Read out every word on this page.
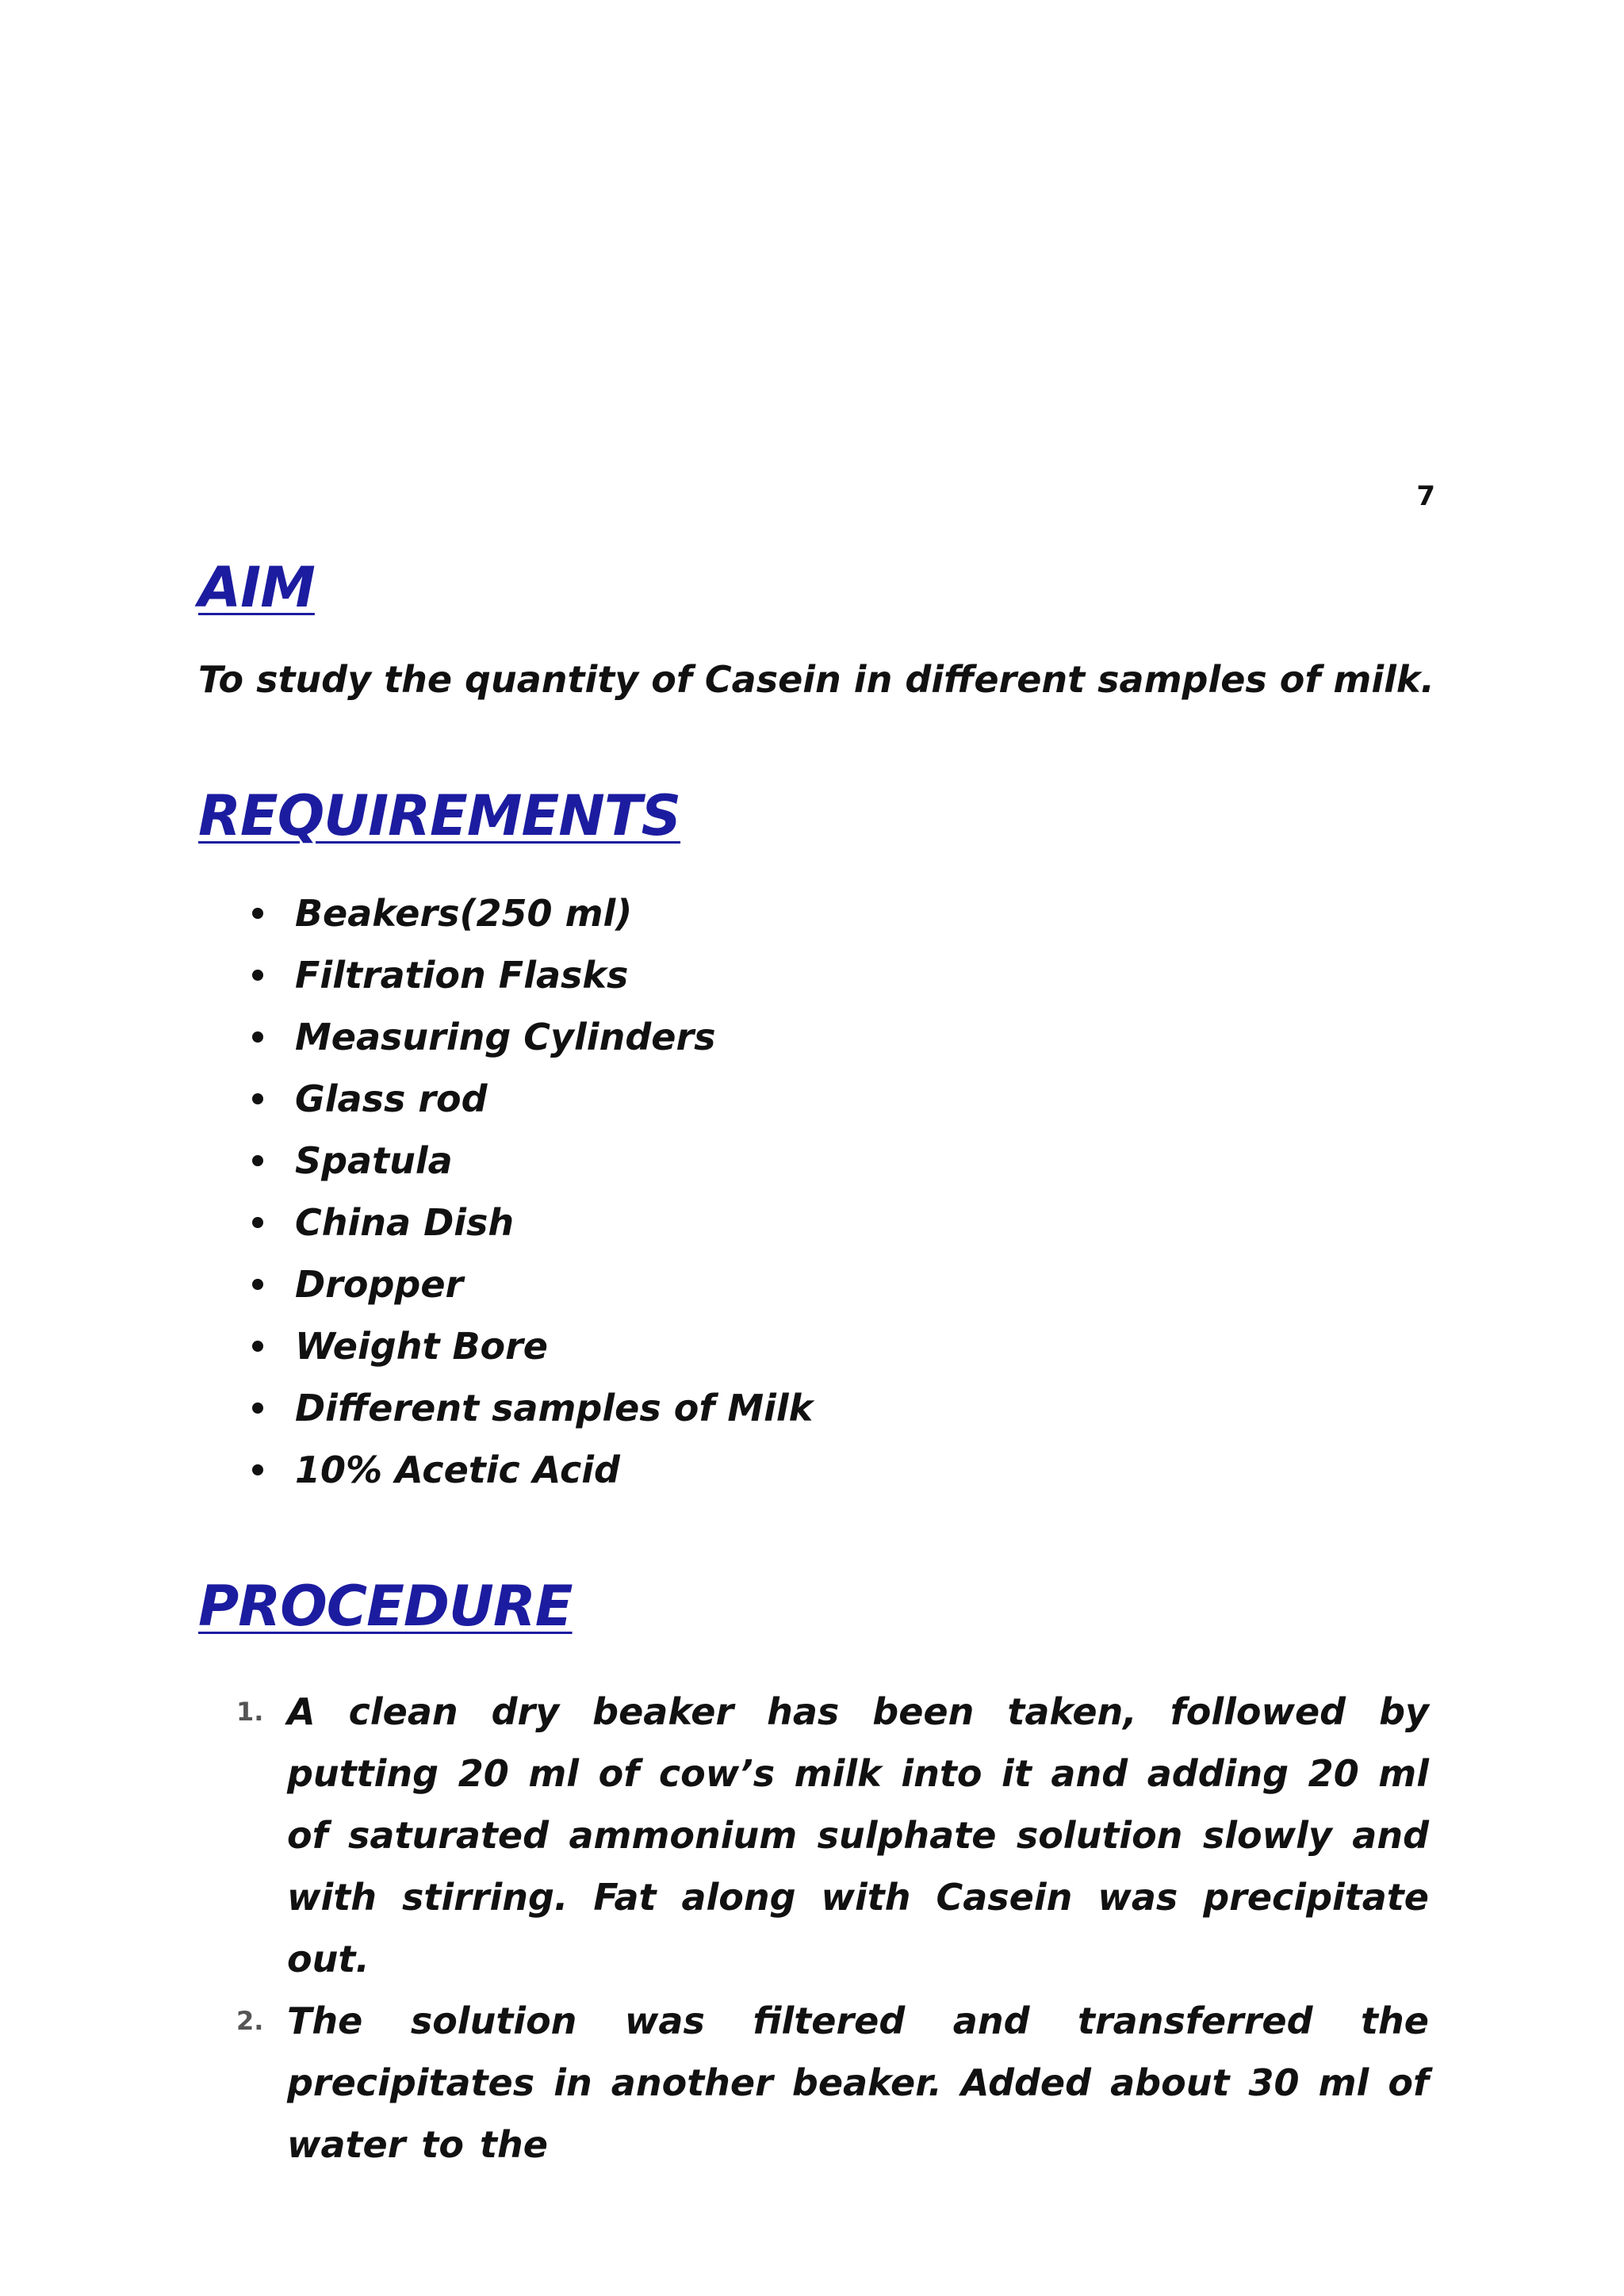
7
AIM

To study the quantity of Casein in different samples of milk.

REQUIREMENTS
Beakers(250 ml)
Filtration Flasks
Measuring Cylinders
Glass rod
Spatula
China Dish
Dropper
Weight Bore
Different samples of Milk
10% Acetic Acid
PROCEDURE
1. A clean dry beaker has been taken, followed by putting 20 ml of cow’s milk into it and adding 20 ml of saturated ammonium sulphate solution slowly and with stirring. Fat along with Casein was precipitate out.
2. The solution was filtered and transferred the precipitates in another beaker. Added about 30 ml of water to the
